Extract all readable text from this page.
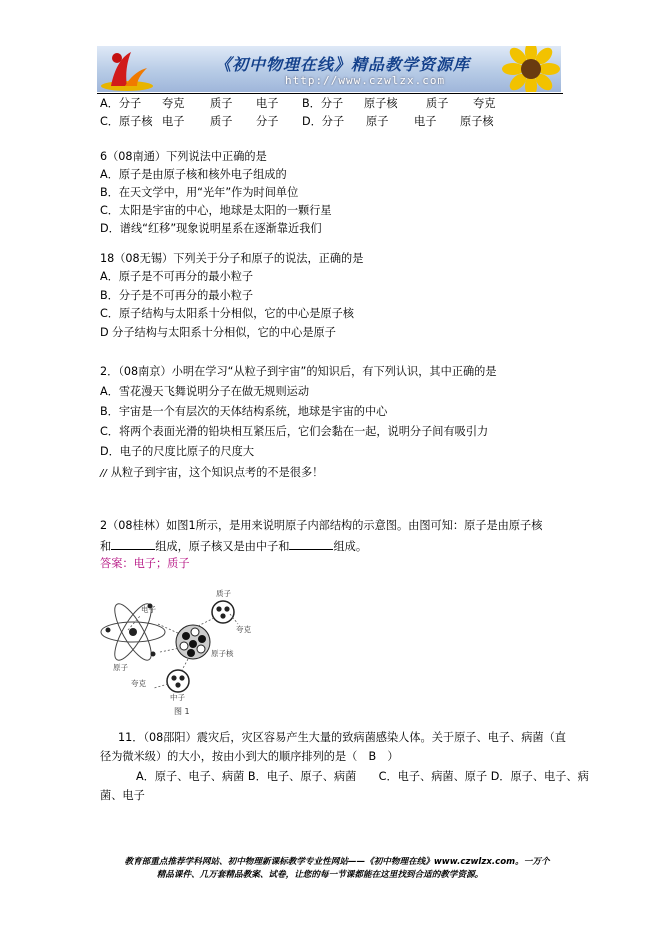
《初中物理在线》精品教学资源库
http://www.czwlzx.com
A．分子 夸克 质子 电子 B．分子 原子核	质子 夸克
C．原子核 电子 质子 分子 D．分子 原子 电子 原子核
6（08南通）下列说法中正确的是
A．原子是由原子核和核外电子组成的
B．在天文学中，用“光年”作为时间单位
C．太阳是宇宙的中心，地球是太阳的一颗行星
D．谱线“红移”现象说明星系在逐渐靠近我们
18（08无锡）下列关于分子和原子的说法，正确的是
A．原子是不可再分的最小粒子
B．分子是不可再分的最小粒子
C．原子结构与太阳系十分相似，它的中心是原子核
D 分子结构与太阳系十分相似，它的中心是原子
2．（08南京）小明在学习“从粒子到宇宙”的知识后，有下列认识，其中正确的是
A．雪花漫天飞舞说明分子在做无规则运动
B．宇宙是一个有层次的天体结构系统，地球是宇宙的中心
C．将两个表面光滑的铅块相互紧压后，它们会黏在一起，说明分子间有吸引力
D．电子的尺度比原子的尺度大
// 从粒子到宇宙，这个知识点考的不是很多！
2（08桂林）如图1所示，是用来说明原子内部结构的示意图。由图可知：原子是由原子核
和	组成，原子核又是由中子和	组成。
答案：电子；质子
电子
质子
夸克
原子核
原子
夸克
中子
图 1
11．（08邵阳）震灾后，灾区容易产生大量的致病菌感染人体。关于原子、电子、病菌（直
径为微米级）的大小，按由小到大的顺序排列的是（　B　）
A．原子、电子、病菌 B．电子、原子、病菌　　C．电子、病菌、原子 D．原子、电子、病
菌、电子
教育部重点推荐学科网站、初中物理新课标教学专业性网站——《初中物理在线》www.czwlzx.com。一万个
精品课件、几万套精品教案、试卷，让您的每一节课都能在这里找到合适的教学资源。
